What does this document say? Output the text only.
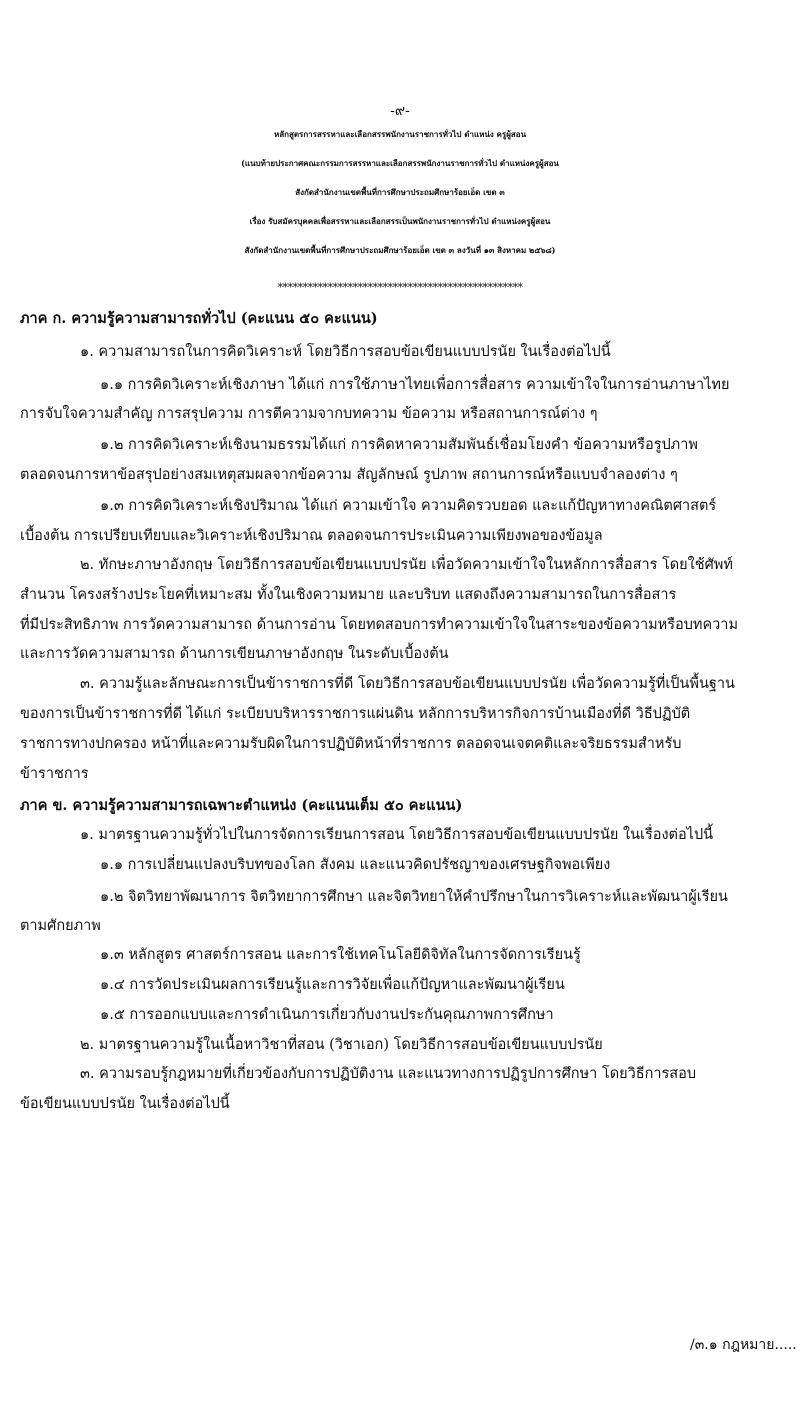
-๙-
หลักสูตรการสรรหาและเลือกสรรพนักงานราชการทั่วไป ตำแหน่ง ครูผู้สอน
(แนบท้ายประกาศคณะกรรมการสรรหาและเลือกสรรพนักงานราชการทั่วไป ตำแหน่งครูผู้สอน
สังกัดสำนักงานเขตพื้นที่การศึกษาประถมศึกษาร้อยเอ็ด เขต ๓
เรื่อง รับสมัครบุคคลเพื่อสรรหาและเลือกสรรเป็นพนักงานราชการทั่วไป ตำแหน่งครูผู้สอน
สังกัดสำนักงานเขตพื้นที่การศึกษาประถมศึกษาร้อยเอ็ด เขต ๓ ลงวันที่ ๑๓ สิงหาคม ๒๕๖๘)
*************************************************
ภาค ก. ความรู้ความสามารถทั่วไป (คะแนน ๕๐ คะแนน)
๑. ความสามารถในการคิดวิเคราะห์ โดยวิธีการสอบข้อเขียนแบบปรนัย ในเรื่องต่อไปนี้
๑.๑ การคิดวิเคราะห์เชิงภาษา ได้แก่ การใช้ภาษาไทยเพื่อการสื่อสาร ความเข้าใจในการอ่านภาษาไทย
การจับใจความสำคัญ การสรุปความ การตีความจากบทความ ข้อความ หรือสถานการณ์ต่าง ๆ
๑.๒ การคิดวิเคราะห์เชิงนามธรรมได้แก่ การคิดหาความสัมพันธ์เชื่อมโยงคำ ข้อความหรือรูปภาพ
ตลอดจนการหาข้อสรุปอย่างสมเหตุสมผลจากข้อความ สัญลักษณ์ รูปภาพ สถานการณ์หรือแบบจำลองต่าง ๆ
๑.๓ การคิดวิเคราะห์เชิงปริมาณ ได้แก่ ความเข้าใจ ความคิดรวบยอด และแก้ปัญหาทางคณิตศาสตร์
เบื้องต้น การเปรียบเทียบและวิเคราะห์เชิงปริมาณ ตลอดจนการประเมินความเพียงพอของข้อมูล
๒. ทักษะภาษาอังกฤษ โดยวิธีการสอบข้อเขียนแบบปรนัย เพื่อวัดความเข้าใจในหลักการสื่อสาร โดยใช้ศัพท์
สำนวน โครงสร้างประโยคที่เหมาะสม ทั้งในเชิงความหมาย และบริบท แสดงถึงความสามารถในการสื่อสาร
ที่มีประสิทธิภาพ การวัดความสามารถ ด้านการอ่าน โดยทดสอบการทำความเข้าใจในสาระของข้อความหรือบทความ
และการวัดความสามารถ ด้านการเขียนภาษาอังกฤษ ในระดับเบื้องต้น
๓. ความรู้และลักษณะการเป็นข้าราชการที่ดี โดยวิธีการสอบข้อเขียนแบบปรนัย เพื่อวัดความรู้ที่เป็นพื้นฐาน
ของการเป็นข้าราชการที่ดี ได้แก่ ระเบียบบริหารราชการแผ่นดิน หลักการบริหารกิจการบ้านเมืองที่ดี วิธีปฏิบัติ
ราชการทางปกครอง หน้าที่และความรับผิดในการปฏิบัติหน้าที่ราชการ ตลอดจนเจตคติและจริยธรรมสำหรับ
ข้าราชการ
ภาค ข. ความรู้ความสามารถเฉพาะตำแหน่ง (คะแนนเต็ม ๕๐ คะแนน)
๑. มาตรฐานความรู้ทั่วไปในการจัดการเรียนการสอน โดยวิธีการสอบข้อเขียนแบบปรนัย ในเรื่องต่อไปนี้
๑.๑ การเปลี่ยนแปลงบริบทของโลก สังคม และแนวคิดปรัชญาของเศรษฐกิจพอเพียง
๑.๒ จิตวิทยาพัฒนาการ จิตวิทยาการศึกษา และจิตวิทยาให้คำปรึกษาในการวิเคราะห์และพัฒนาผู้เรียน
ตามศักยภาพ
๑.๓ หลักสูตร ศาสตร์การสอน และการใช้เทคโนโลยีดิจิทัลในการจัดการเรียนรู้
๑.๔ การวัดประเมินผลการเรียนรู้และการวิจัยเพื่อแก้ปัญหาและพัฒนาผู้เรียน
๑.๕ การออกแบบและการดำเนินการเกี่ยวกับงานประกันคุณภาพการศึกษา
๒. มาตรฐานความรู้ในเนื้อหาวิชาที่สอน (วิชาเอก) โดยวิธีการสอบข้อเขียนแบบปรนัย
๓. ความรอบรู้กฎหมายที่เกี่ยวข้องกับการปฏิบัติงาน และแนวทางการปฏิรูปการศึกษา โดยวิธีการสอบ
ข้อเขียนแบบปรนัย ในเรื่องต่อไปนี้
/๓.๑ กฎหมาย.....
